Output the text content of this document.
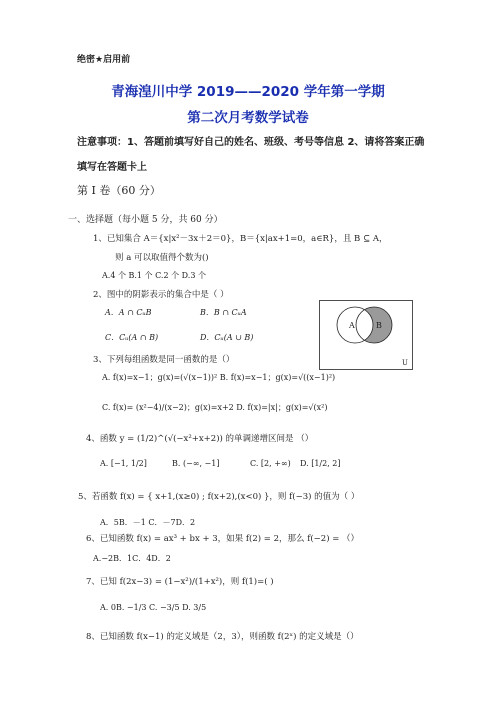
绝密★启用前
青海湟川中学 2019——2020 学年第一学期
第二次月考数学试卷
注意事项：1、答题前填写好自己的姓名、班级、考号等信息 2、请将答案正确
填写在答题卡上
第 I 卷（60 分）
一、选择题（每小题 5 分，共 60 分）
1、已知集合 A＝{x|x²－3x＋2＝0}，B＝{x|ax+1=0，a∈R}，且 B ⊆ A，
则 a 可以取值得个数为()
A.4 个 B.1 个 C.2 个 D.3 个
2、图中的阴影表示的集合中是（ ）
A．A ∩ CᵤB	B．B ∩ CᵤA
C．Cᵤ(A ∩ B)	D．Cᵤ(A ∪ B)
A	B
U
3、下列每组函数是同一函数的是（）
A. f(x)=x−1；g(x)=(√(x−1))² B. f(x)=x−1；g(x)=√((x−1)²)
C. f(x)= (x²−4)/(x−2)；g(x)=x+2 D. f(x)=|x|；g(x)=√(x²)
4、函数 y = (1/2)^(√(−x²+x+2)) 的单调递增区间是 （）
A. [−1, 1/2]	B. (−∞, −1]	C. [2, +∞) D. [1/2, 2]
5、若函数 f(x) = { x+1,(x≥0) ; f(x+2),(x<0) }，则 f(−3) 的值为（ ）
A．5B．－1 C．－7D．2
6、已知函数 f(x) = ax³ + bx + 3，如果 f(2) = 2，那么 f(−2) = （）
A.−2B．1C．4D．2
7、已知 f(2x−3) = (1−x²)/(1+x²)，则 f(1)=( )
A. 0B. −1/3 C. −3/5 D. 3/5
8、已知函数 f(x−1) 的定义域是（2，3），则函数 f(2ˣ) 的定义域是（）
